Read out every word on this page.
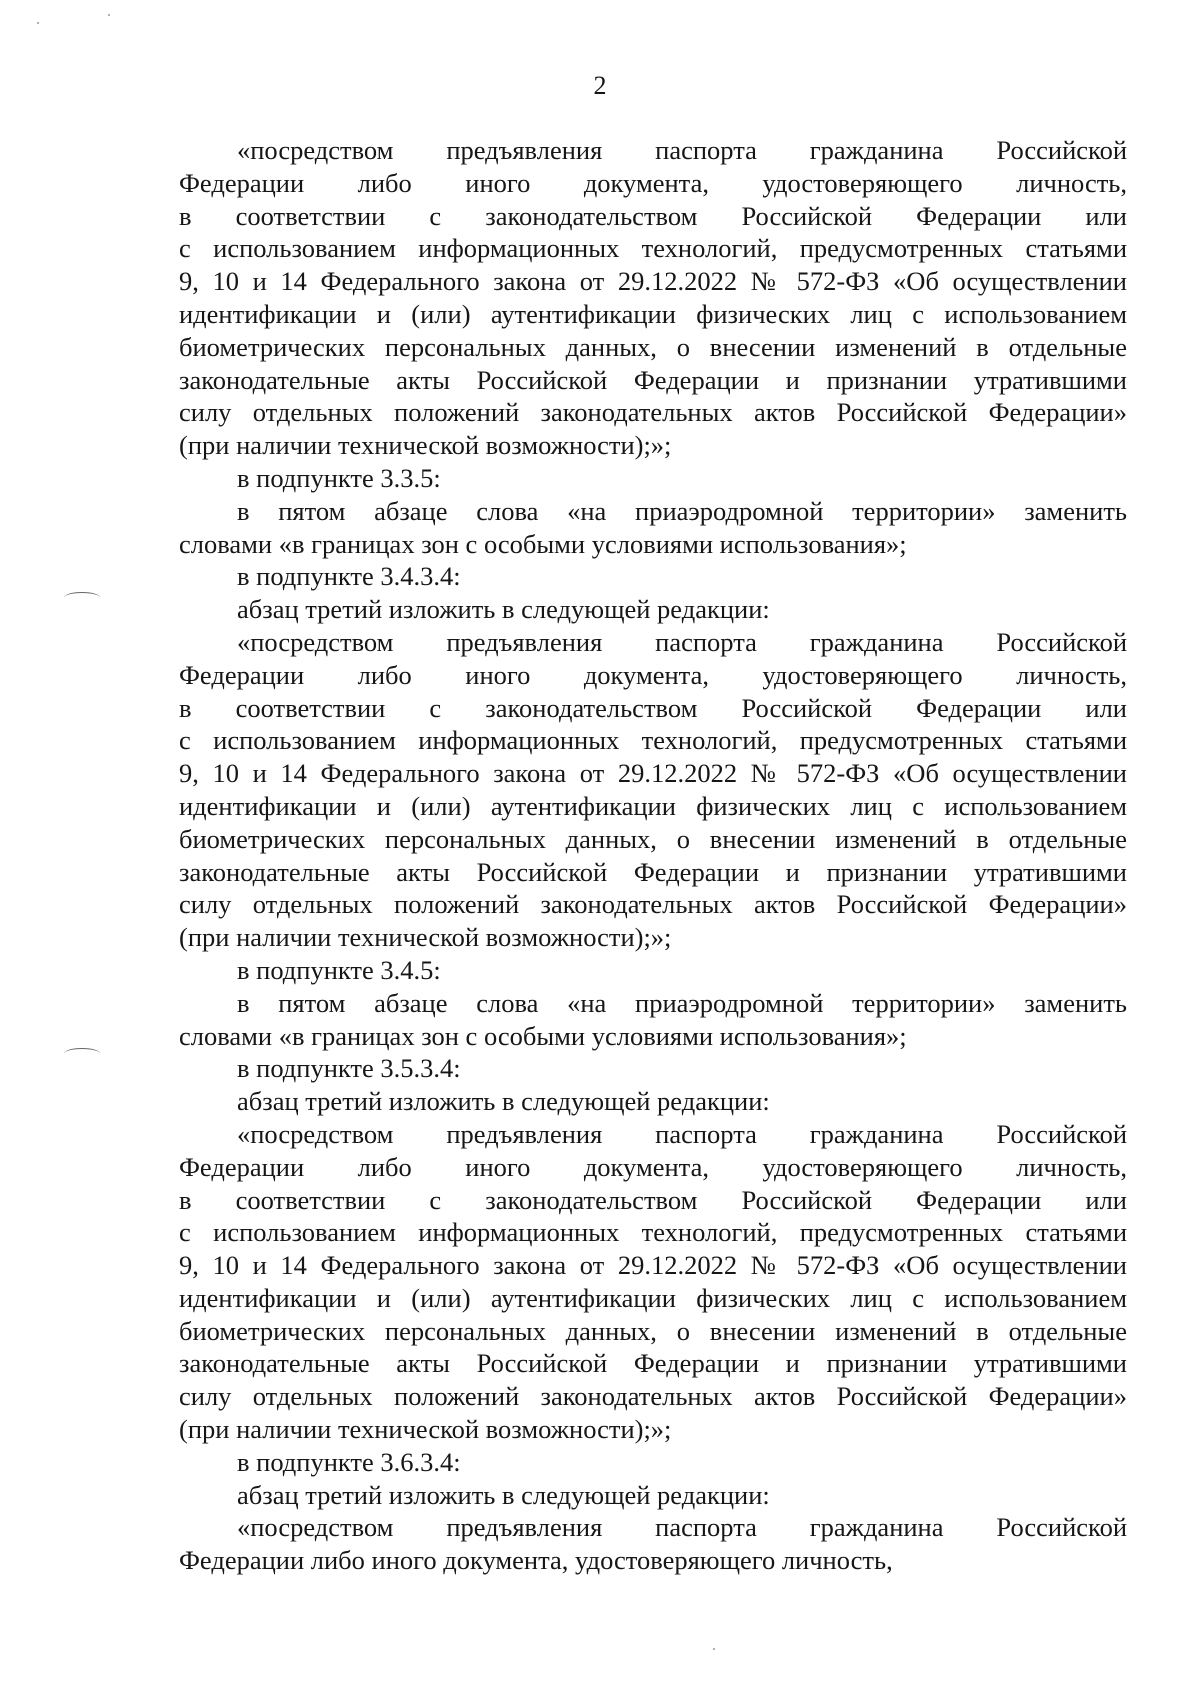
2

«посредством предъявления паспорта гражданина Российской

Федерации либо иного документа, удостоверяющего личность,

в соответствии с законодательством Российской Федерации или

с использованием информационных технологий, предусмотренных статьями

9, 10 и 14 Федерального закона от 29.12.2022 № 572-ФЗ «Об осуществлении

идентификации и (или) аутентификации физических лиц с использованием

биометрических персональных данных, о внесении изменений в отдельные

законодательные акты Российской Федерации и признании утратившими

силу отдельных положений законодательных актов Российской Федерации»

(при наличии технической возможности);»;

в подпункте 3.3.5:

в пятом абзаце слова «на приаэродромной территории» заменить

словами «в границах зон с особыми условиями использования»;

в подпункте 3.4.3.4:

абзац третий изложить в следующей редакции:

«посредством предъявления паспорта гражданина Российской

Федерации либо иного документа, удостоверяющего личность,

в соответствии с законодательством Российской Федерации или

с использованием информационных технологий, предусмотренных статьями

9, 10 и 14 Федерального закона от 29.12.2022 № 572-ФЗ «Об осуществлении

идентификации и (или) аутентификации физических лиц с использованием

биометрических персональных данных, о внесении изменений в отдельные

законодательные акты Российской Федерации и признании утратившими

силу отдельных положений законодательных актов Российской Федерации»

(при наличии технической возможности);»;

в подпункте 3.4.5:

в пятом абзаце слова «на приаэродромной территории» заменить

словами «в границах зон с особыми условиями использования»;

в подпункте 3.5.3.4:

абзац третий изложить в следующей редакции:

«посредством предъявления паспорта гражданина Российской

Федерации либо иного документа, удостоверяющего личность,

в соответствии с законодательством Российской Федерации или

с использованием информационных технологий, предусмотренных статьями

9, 10 и 14 Федерального закона от 29.12.2022 № 572-ФЗ «Об осуществлении

идентификации и (или) аутентификации физических лиц с использованием

биометрических персональных данных, о внесении изменений в отдельные

законодательные акты Российской Федерации и признании утратившими

силу отдельных положений законодательных актов Российской Федерации»

(при наличии технической возможности);»;

в подпункте 3.6.3.4:

абзац третий изложить в следующей редакции:

«посредством предъявления паспорта гражданина Российской

Федерации либо иного документа, удостоверяющего личность,
